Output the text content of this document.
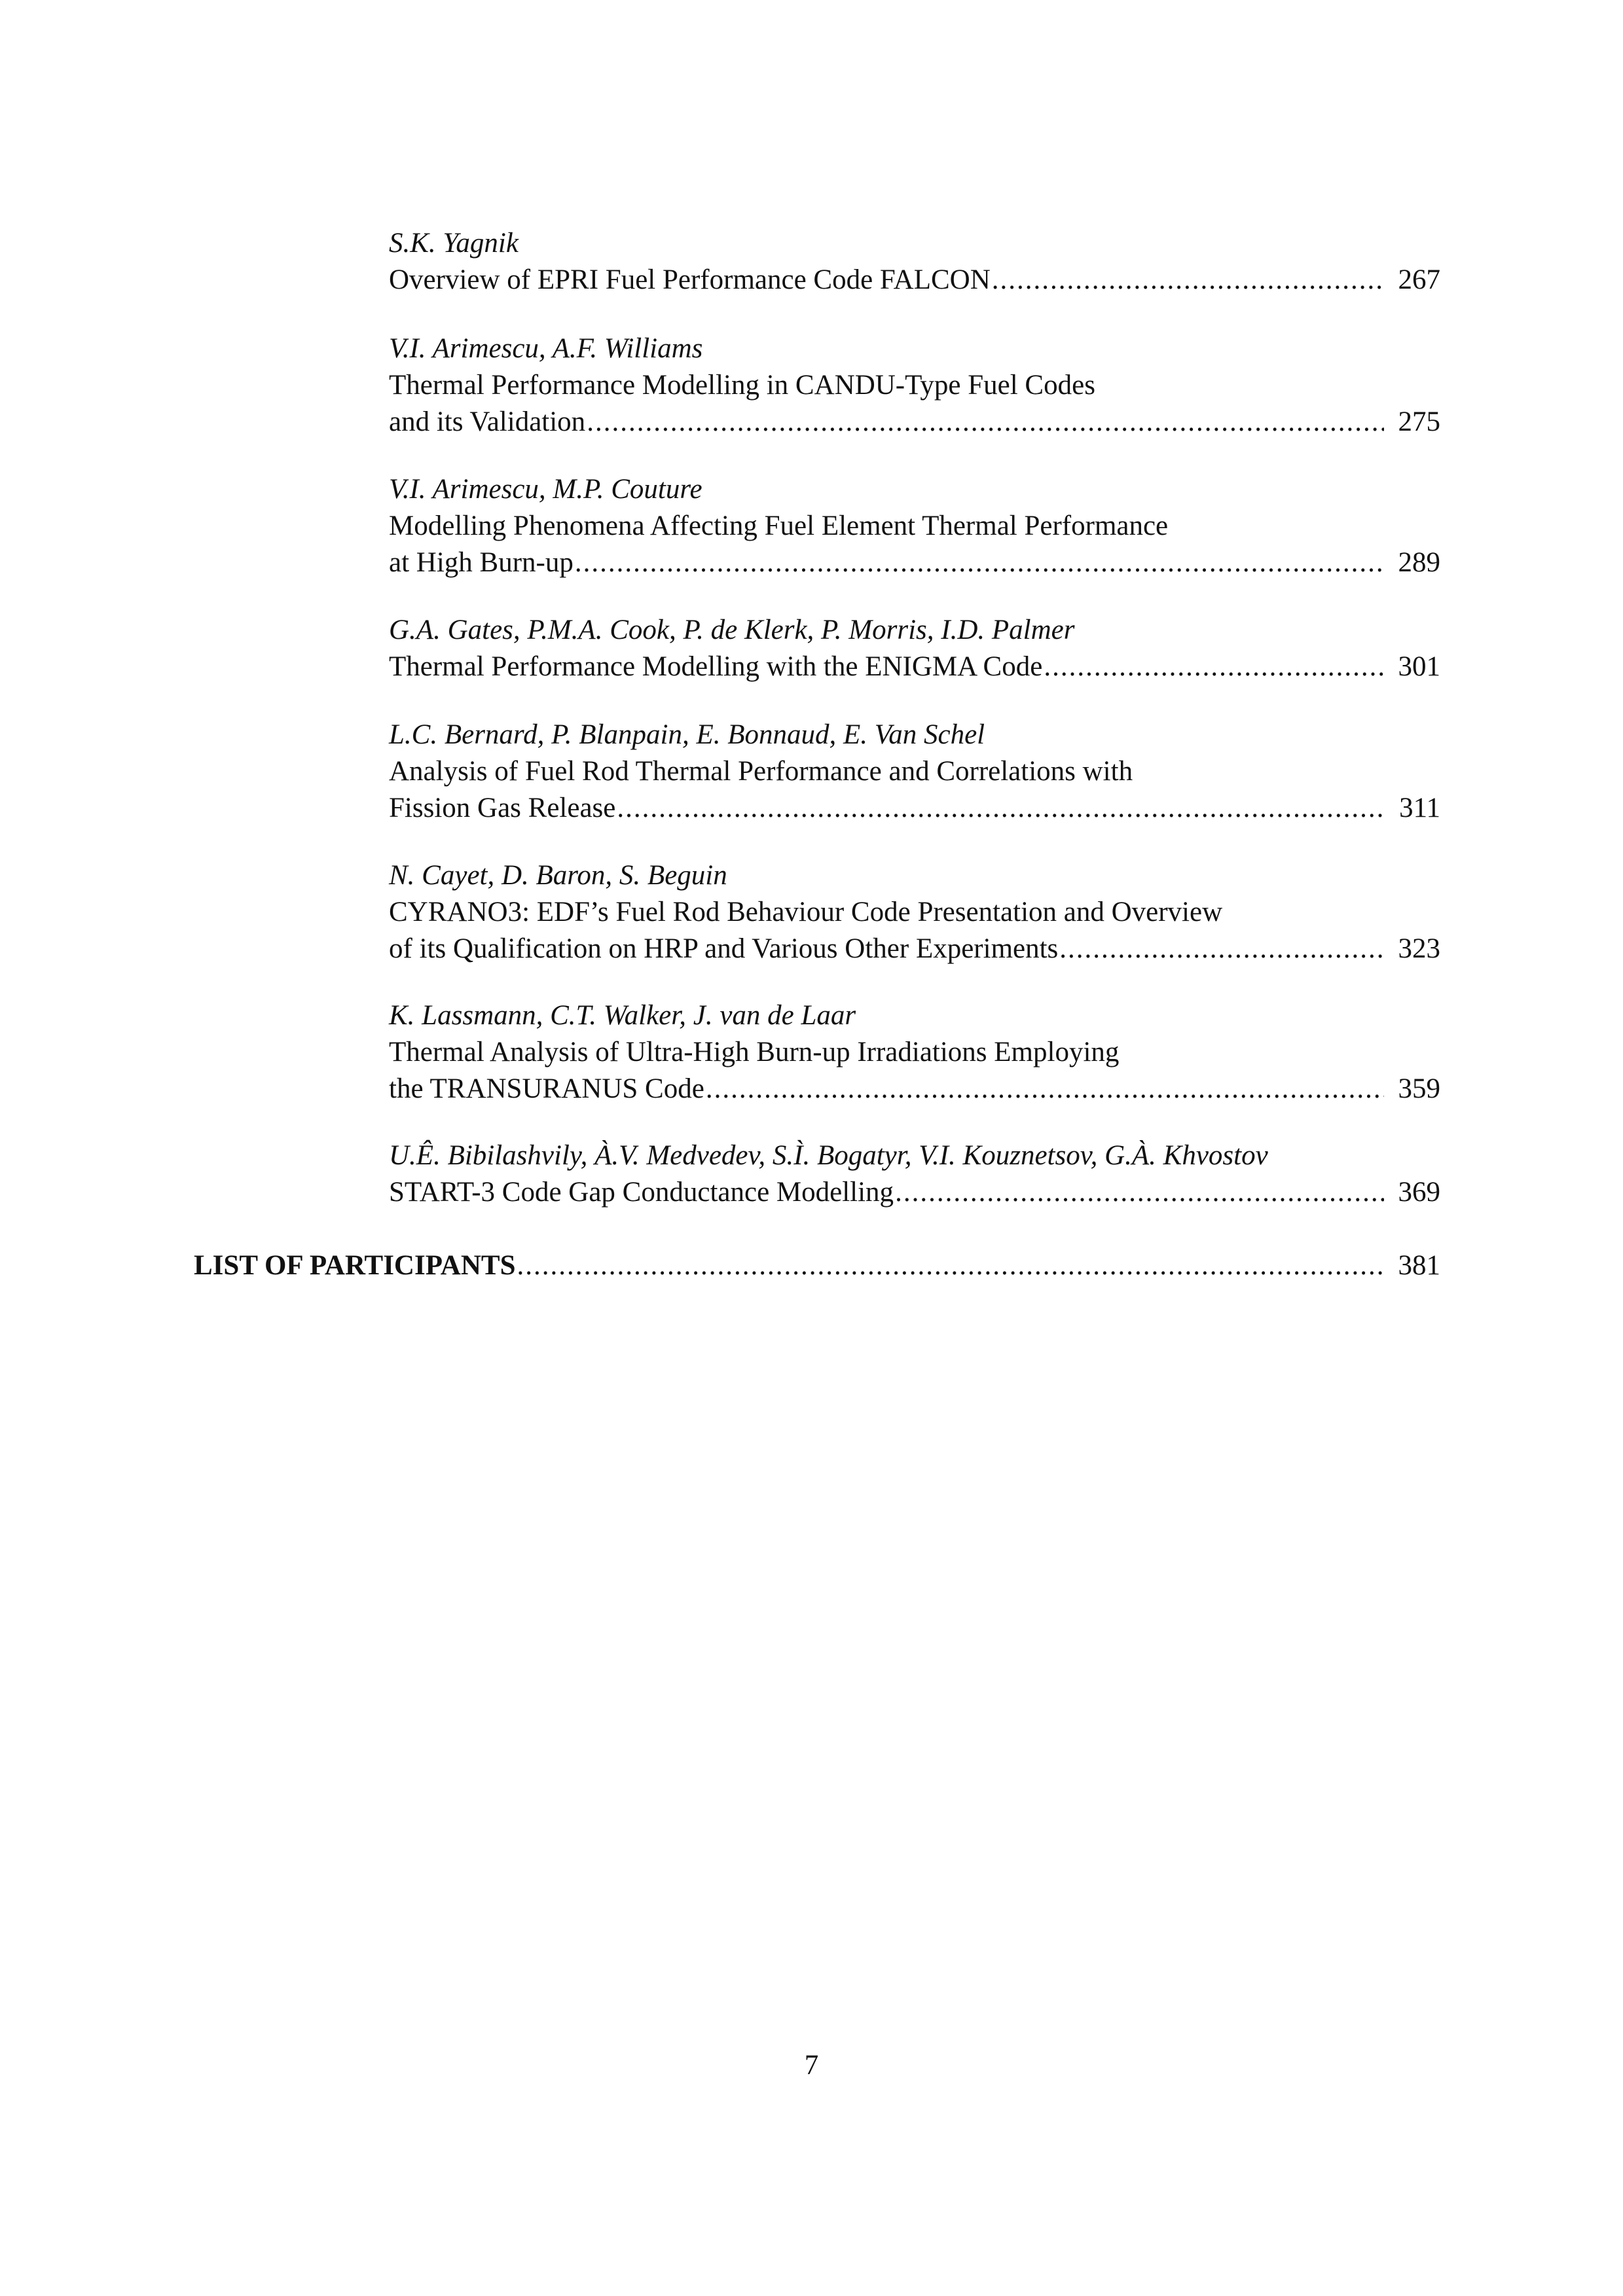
S.K. Yagnik
Overview of EPRI Fuel Performance Code FALCON .....	267
V.I. Arimescu, A.F. Williams
Thermal Performance Modelling in CANDU-Type Fuel Codes
and its Validation .....	275
V.I. Arimescu, M.P. Couture
Modelling Phenomena Affecting Fuel Element Thermal Performance
at High Burn-up .....	289
G.A. Gates, P.M.A. Cook, P. de Klerk, P. Morris, I.D. Palmer
Thermal Performance Modelling with the ENIGMA Code .....	301
L.C. Bernard, P. Blanpain, E. Bonnaud, E. Van Schel
Analysis of Fuel Rod Thermal Performance and Correlations with
Fission Gas Release .....	311
N. Cayet, D. Baron, S. Beguin
CYRANO3: EDF’s Fuel Rod Behaviour Code Presentation and Overview
of its Qualification on HRP and Various Other Experiments .....	323
K. Lassmann, C.T. Walker, J. van de Laar
Thermal Analysis of Ultra-High Burn-up Irradiations Employing
the TRANSURANUS Code .....	359
U.Ê. Bibilashvily, À.V. Medvedev, S.Ì. Bogatyr, V.I. Kouznetsov, G.À. Khvostov
START-3 Code Gap Conductance Modelling .....	369
LIST OF PARTICIPANTS .....	381
7
